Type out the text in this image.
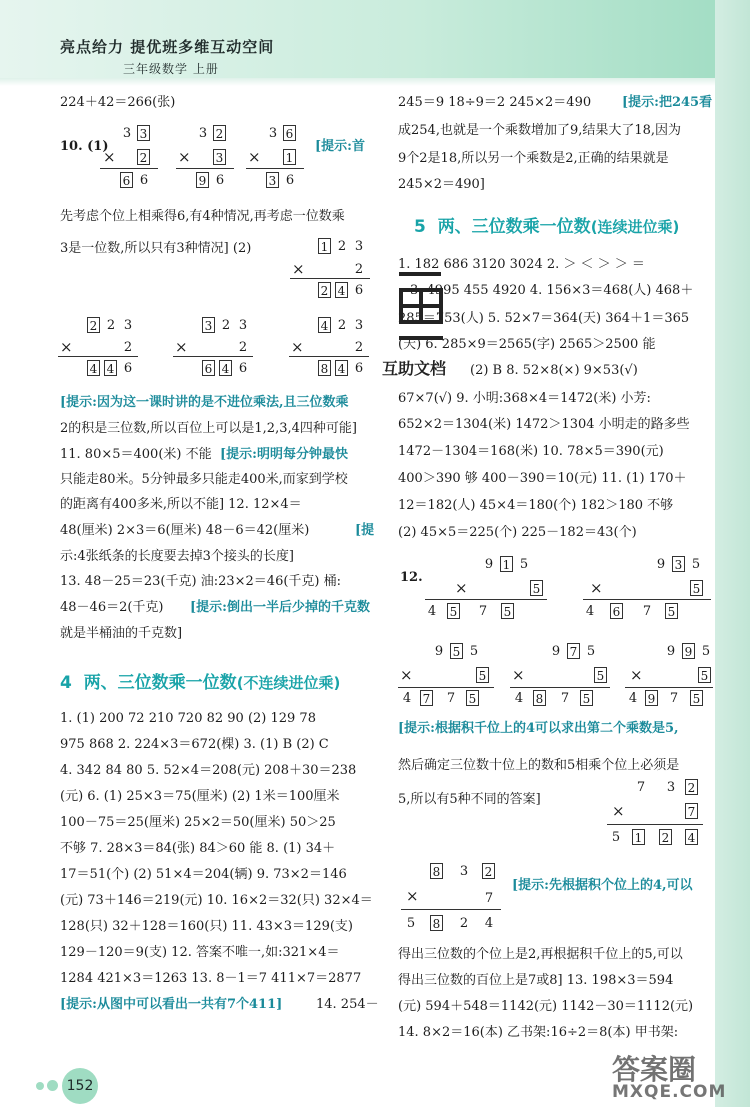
亮点给力 提优班多维互动空间
三年级数学 上册
224＋42＝266(张)
10. (1)	[提示:首
3 3
× 2
6 6
3 2
× 3
9 6
3 6
× 1
3 6
先考虑个位上相乘得6,有4种情况,再考虑一位数乘
3是一位数,所以只有3种情况] (2)	1 2 3
×	2
2 4 6
2 2 3
×	2
4 4 6
3 2 3
×	2
6 4 6
4 2 3
×	2
8 4 6
[提示:因为这一课时讲的是不进位乘法,且三位数乘
2的积是三位数,所以百位上可以是1,2,3,4四种可能]
11. 80×5＝400(米) 不能 [提示:明明每分钟最快
只能走80米。5分钟最多只能走400米,而家到学校
的距离有400多米,所以不能] 12. 12×4＝
48(厘米) 2×3＝6(厘米) 48－6＝42(厘米)	[提
示:4张纸条的长度要去掉3个接头的长度]
13. 48－25＝23(千克) 油:23×2＝46(千克) 桶:
48－46＝2(千克) [提示:倒出一半后少掉的千克数
就是半桶油的千克数]
4 两、三位数乘一位数(不连续进位乘)
1. (1) 200 72 210 720 82 90 (2) 129 78
975 868 2. 224×3＝672(棵) 3. (1) B (2) C
4. 342 84 80 5. 52×4＝208(元) 208＋30＝238
(元) 6. (1) 25×3＝75(厘米) (2) 1米＝100厘米
100－75＝25(厘米) 25×2＝50(厘米) 50＞25
不够 7. 28×3＝84(张) 84＞60 能 8. (1) 34＋
17＝51(个) (2) 51×4＝204(辆) 9. 73×2＝146
(元) 73＋146＝219(元) 10. 16×2＝32(只) 32×4＝
128(只) 32＋128＝160(只) 11. 43×3＝129(支)
129－120＝9(支) 12. 答案不唯一,如:321×4＝
1284 421×3＝1263 13. 8－1＝7 411×7＝2877
[提示:从图中可以看出一共有7个411]	14. 254－
245＝9 18÷9＝2 245×2＝490 [提示:把245看
成254,也就是一个乘数增加了9,结果大了18,因为
9个2是18,所以另一个乘数是2,正确的结果就是
245×2＝490]
5 两、三位数乘一位数(连续进位乘)
1. 182 686 3120 3024 2. ＞ ＜ ＞ ＞ ＝
3. 4995 455 4920 4. 156×3＝468(人) 468＋
285＝753(人) 5. 52×7＝364(天) 364＋1＝365
(天) 6. 285×9＝2565(字) 2565＞2500 能
(2) B 8. 52×8(×) 9×53(√)
67×7(√) 9. 小明:368×4＝1472(米) 小芳:
652×2＝1304(米) 1472＞1304 小明走的路多些
1472－1304＝168(米) 10. 78×5＝390(元)
400＞390 够 400－390＝10(元) 11. (1) 170＋
12＝182(人) 45×4＝180(个) 182＞180 不够
(2) 45×5＝225(个) 225－182＝43(个)
12.
互助文档
9 1 5
×	5
4 5 7 5
9 3 5
×	5
4 6 7 5
9 5 5
×	5
4 7 7 5
9 7 5
×	5
4 8 7 5
9 9 5
×	5
4 9 7 5
[提示:根据积千位上的4可以求出第二个乘数是5,
然后确定三位数十位上的数和5相乘个位上必须是
5,所以有5种不同的答案]
7 3 2
×	7
5 1 2 4
8 3 2
×	7
5 8 2 4
[提示:先根据积个位上的4,可以
得出三位数的个位上是2,再根据积千位上的5,可以
得出三位数的百位上是7或8] 13. 198×3＝594
(元) 594＋548＝1142(元) 1142－30＝1112(元)
14. 8×2＝16(本) 乙书架:16÷2＝8(本) 甲书架:
152	答案圈
MXQE.COM
